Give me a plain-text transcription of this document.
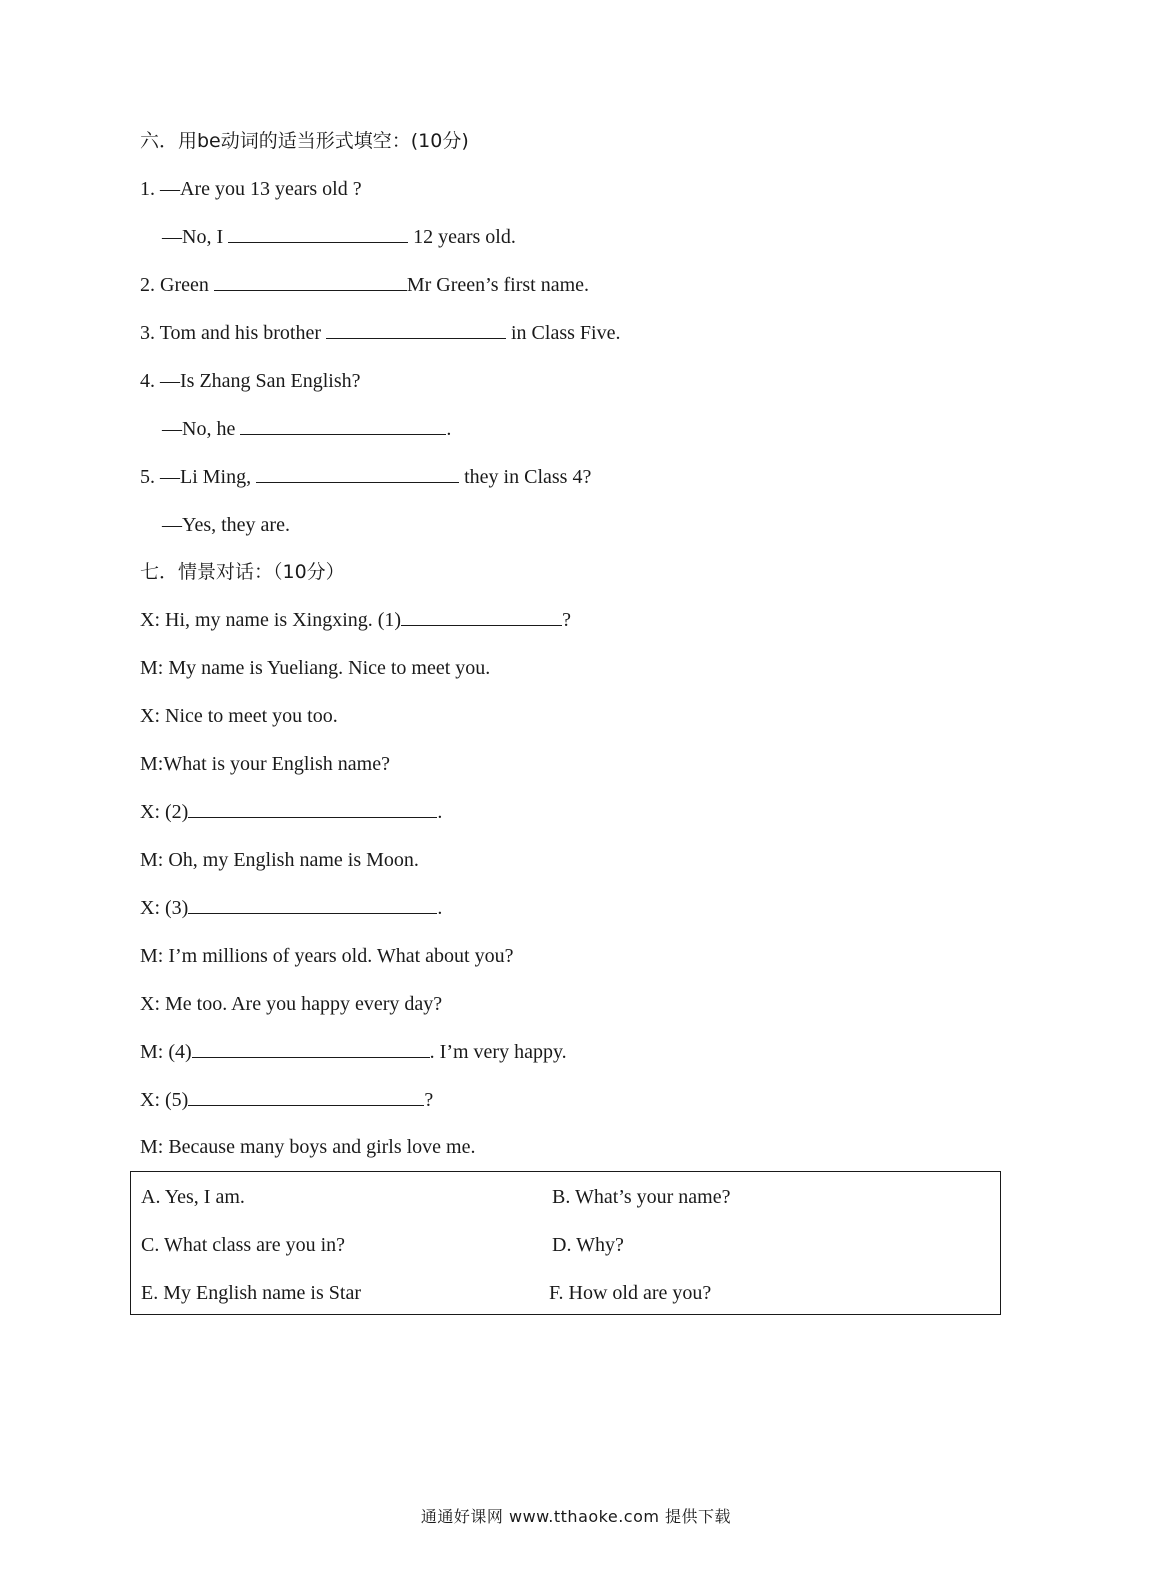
六．用be动词的适当形式填空：(10分)
1. —Are you 13 years old ?
—No, I	12 years old.
2. Green	Mr Green’s first name.
3. Tom and his brother	in Class Five.
4. —Is Zhang San English?
—No, he	.
5. —Li Ming,	they in Class 4?
—Yes, they are.
七．情景对话：（10分）
X: Hi, my name is Xingxing. (1)	?
M: My name is Yueliang. Nice to meet you.
X: Nice to meet you too.
M:What is your English name?
X: (2)	.
M: Oh, my English name is Moon.
X: (3)	.
M: I’m millions of years old. What about you?
X: Me too. Are you happy every day?
M: (4)	. I’m very happy.
X: (5)	?
M: Because many boys and girls love me.
A. Yes, I am.	B. What’s your name?
C. What class are you in?	D. Why?
E. My English name is Star	F. How old are you?
通通好课网 www.tthaoke.com 提供下载
